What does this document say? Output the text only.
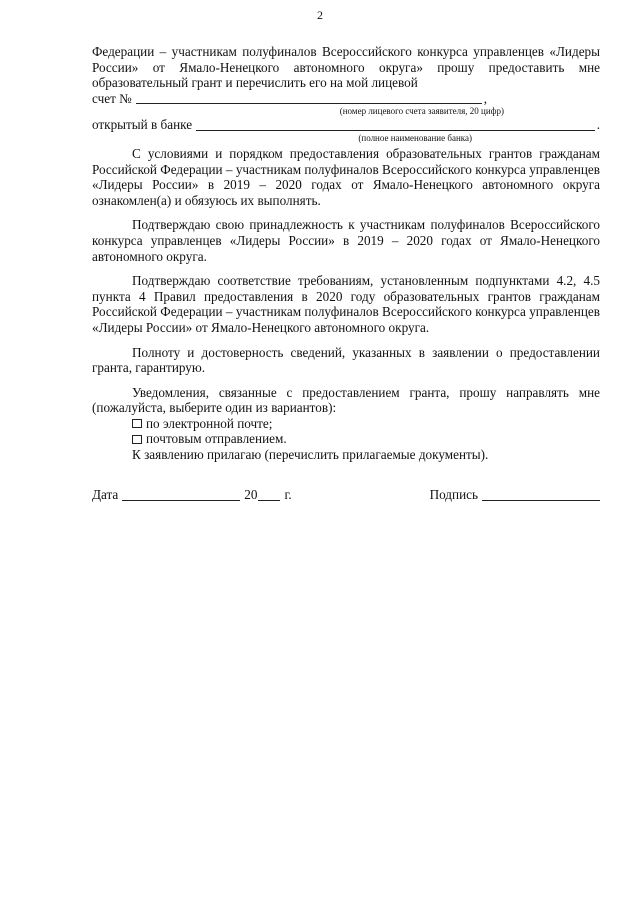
2

Федерации – участникам полуфиналов Всероссийского конкурса управленцев «Лидеры России» от Ямало-Ненецкого автономного округа» прошу предоставить мне образовательный грант и перечислить его на мой лицевой

счет №	,
(номер лицевого счета заявителя, 20 цифр)
открытый в банке	.
(полное наименование банка)

С условиями и порядком предоставления образовательных грантов гражданам Российской Федерации – участникам полуфиналов Всероссийского конкурса управленцев «Лидеры России» в 2019 – 2020 годах от Ямало-Ненецкого автономного округа ознакомлен(а) и обязуюсь их выполнять.

Подтверждаю свою принадлежность к участникам полуфиналов Всероссийского конкурса управленцев «Лидеры России» в 2019 – 2020 годах от Ямало-Ненецкого автономного округа.

Подтверждаю соответствие требованиям, установленным подпунктами 4.2, 4.5 пункта 4 Правил предоставления в 2020 году образовательных грантов гражданам Российской Федерации – участникам полуфиналов Всероссийского конкурса управленцев «Лидеры России» от Ямало-Ненецкого автономного округа.

Полноту и достоверность сведений, указанных в заявлении о предоставлении гранта, гарантирую.

Уведомления, связанные с предоставлением гранта, прошу направлять мне (пожалуйста, выберите один из вариантов):

по электронной почте;
почтовым отправлением.

К заявлению прилагаю (перечислить прилагаемые документы).

Дата	20 г.	Подпись
